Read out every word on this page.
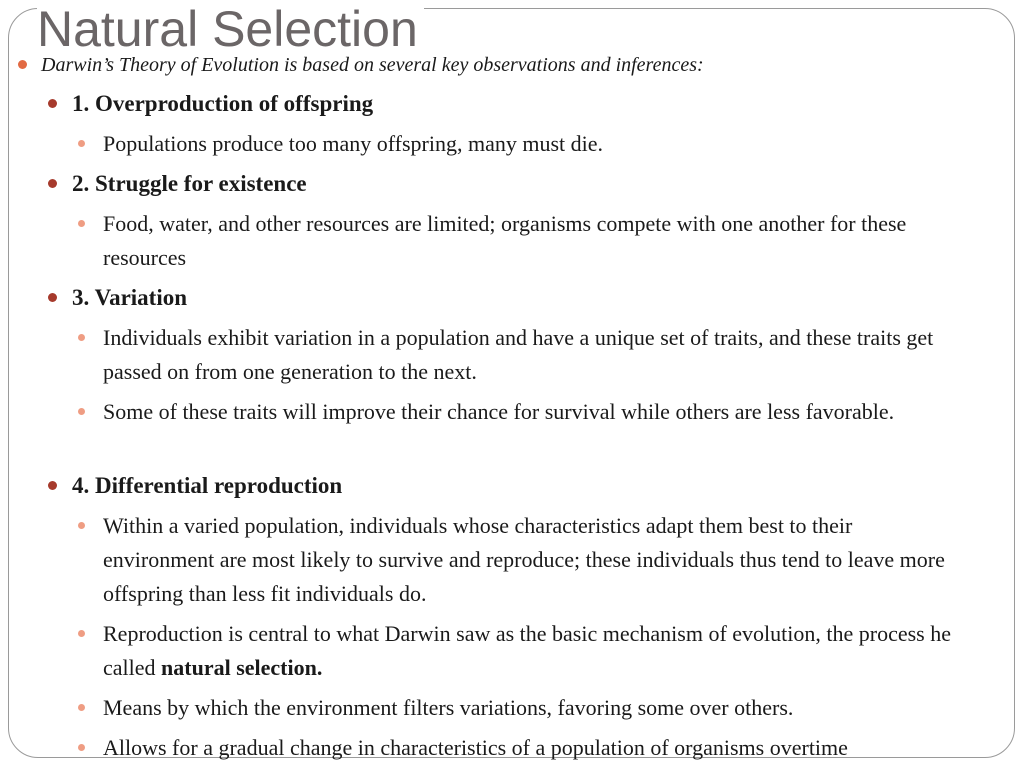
Natural Selection
Darwin’s Theory of Evolution is based on several key observations and inferences:
1. Overproduction of offspring
Populations produce too many offspring, many must die.
2. Struggle for existence
Food, water, and other resources are limited; organisms compete with one another for these resources
3. Variation
Individuals exhibit variation in a population and have a unique set of traits, and these traits get passed on from one generation to the next.
Some of these traits will improve their chance for survival while others are less favorable.
4. Differential reproduction
Within a varied population, individuals whose characteristics adapt them best to their environment are most likely to survive and reproduce; these individuals thus tend to leave more offspring than less fit individuals do.
Reproduction is central to what Darwin saw as the basic mechanism of evolution, the process he called natural selection.
Means by which the environment filters variations, favoring some over others.
Allows for a gradual change in characteristics of a population of organisms overtime
